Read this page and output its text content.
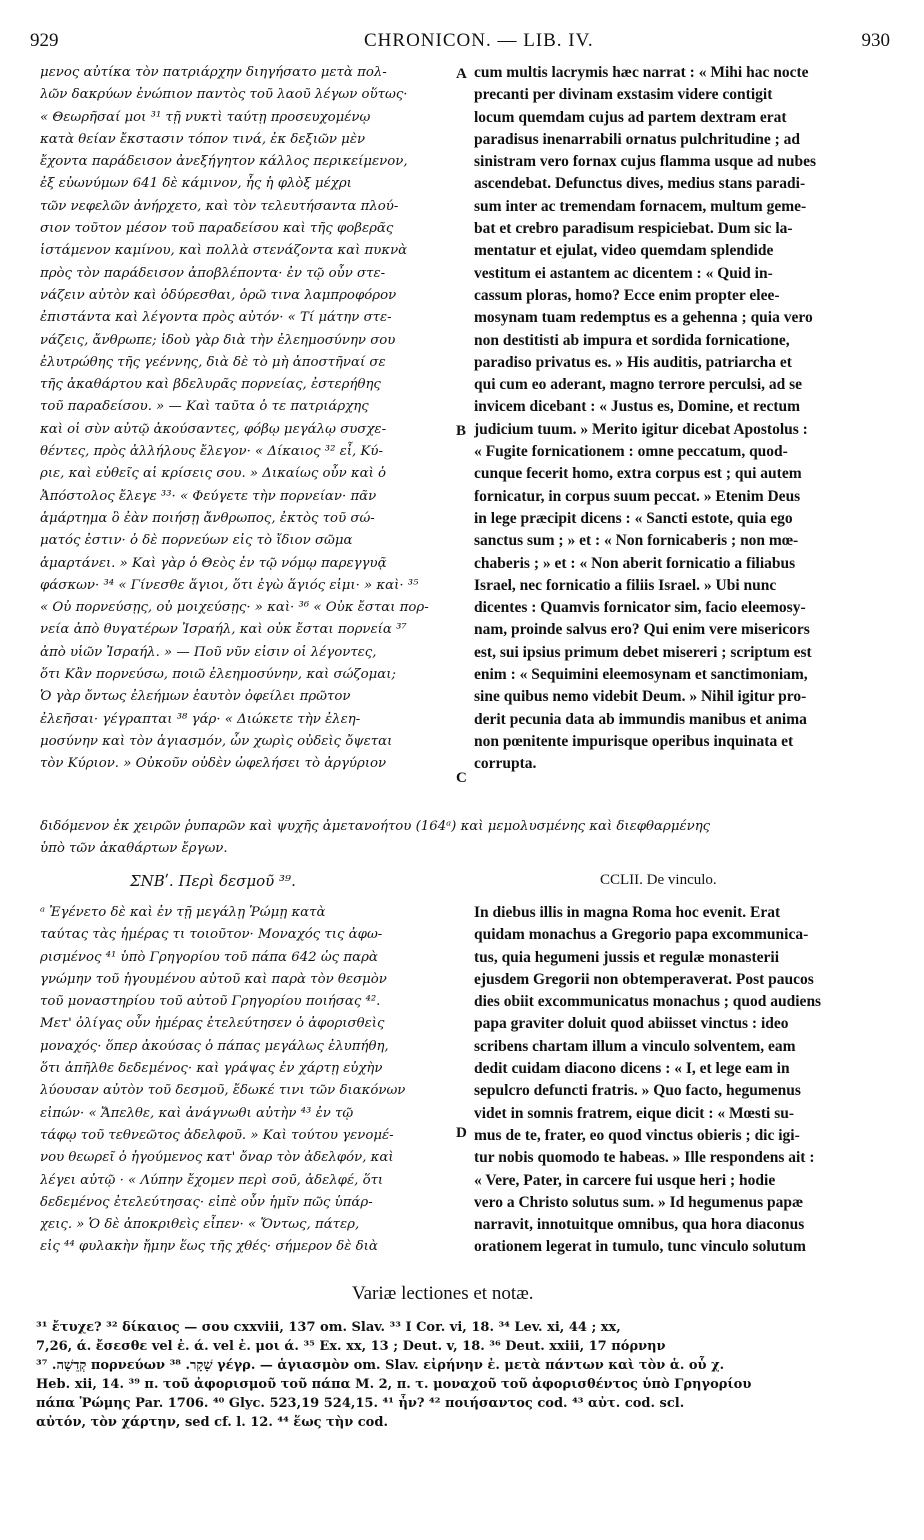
929	CHRONICON. — LIB. IV.	930
μενος αὐτίκα τὸν πατριάρχην διηγήσατο μετὰ πολ-
λῶν δακρύων ἐνώπιον παντὸς τοῦ λαοῦ λέγων οὕτως·
« Θεωρῆσαί μοι ³¹ τῇ νυκτὶ ταύτῃ προσευχομένῳ
κατὰ θείαν ἔκστασιν τόπον τινά, ἐκ δεξιῶν μὲν
ἔχοντα παράδεισον ἀνεξήγητον κάλλος περικείμενον,
ἐξ εὐωνύμων 641 δὲ κάμινον, ἧς ἡ φλὸξ μέχρι
τῶν νεφελῶν ἀνήρχετο, καὶ τὸν τελευτήσαντα πλού-
σιον τοῦτον μέσον τοῦ παραδείσου καὶ τῆς φοβερᾶς
ἱστάμενον καμίνου, καὶ πολλὰ στενάζοντα καὶ πυκνὰ
πρὸς τὸν παράδεισον ἀποβλέποντα· ἐν τῷ οὖν στε-
νάζειν αὐτὸν καὶ ὀδύρεσθαι, ὁρῶ τινα λαμπροφόρον
ἐπιστάντα καὶ λέγοντα πρὸς αὐτόν· « Τί μάτην στε-
νάζεις, ἄνθρωπε; ἰδοὺ γὰρ διὰ τὴν ἐλεημοσύνην σου
ἐλυτρώθης τῆς γεέννης, διὰ δὲ τὸ μὴ ἀποστῆναί σε
τῆς ἀκαθάρτου καὶ βδελυρᾶς πορνείας, ἐστερήθης
τοῦ παραδείσου. » — Καὶ ταῦτα ὁ τε πατριάρχης
καὶ οἱ σὺν αὐτῷ ἀκούσαντες, φόβῳ μεγάλῳ συσχε-
θέντες, πρὸς ἀλλήλους ἔλεγον· « Δίκαιος ³² εἶ, Κύ-
ριε, καὶ εὐθεῖς αἱ κρίσεις σου. » Δικαίως οὖν καὶ ὁ
Ἀπόστολος ἔλεγε ³³· « Φεύγετε τὴν πορνείαν· πᾶν
ἁμάρτημα ὃ ἐὰν ποιήσῃ ἄνθρωπος, ἐκτὸς τοῦ σώ-
ματός ἐστιν· ὁ δὲ πορνεύων εἰς τὸ ἴδιον σῶμα
ἁμαρτάνει. » Καὶ γὰρ ὁ Θεὸς ἐν τῷ νόμῳ παρεγγυᾷ
φάσκων· ³⁴ « Γίνεσθε ἅγιοι, ὅτι ἐγὼ ἅγιός εἰμι· » καὶ· ³⁵
« Οὐ πορνεύσῃς, οὐ μοιχεύσῃς· » καὶ· ³⁶ « Οὐκ ἔσται πορ-
νεία ἀπὸ θυγατέρων Ἰσραήλ, καὶ οὐκ ἔσται πορνεία ³⁷
ἀπὸ υἱῶν Ἰσραήλ. » — Ποῦ νῦν εἰσιν οἱ λέγοντες,
ὅτι Κἂν πορνεύσω, ποιῶ ἐλεημοσύνην, καὶ σώζομαι;
Ὁ γὰρ ὄντως ἐλεήμων ἑαυτὸν ὀφείλει πρῶτον
ἐλεῆσαι· γέγραπται ³⁸ γάρ· « Διώκετε τὴν ἐλεη-
μοσύνην καὶ τὸν ἁγιασμόν, ὧν χωρὶς οὐδεὶς ὄψεται
τὸν Κύριον. » Οὐκοῦν οὐδὲν ὠφελήσει τὸ ἀργύριον
cum multis lacrymis hæc narrat : « Mihi hac nocte
precanti per divinam exstasim videre contigit
locum quemdam cujus ad partem dextram erat
paradisus inenarrabili ornatus pulchritudine ; ad
sinistram vero fornax cujus flamma usque ad nubes
ascendebat. Defunctus dives, medius stans paradi-
sum inter ac tremendam fornacem, multum geme-
bat et crebro paradisum respiciebat. Dum sic la-
mentatur et ejulat, video quemdam splendide
vestitum ei astantem ac dicentem : « Quid in-
cassum ploras, homo? Ecce enim propter elee-
mosynam tuam redemptus es a gehenna ; quia vero
non destitisti ab impura et sordida fornicatione,
paradiso privatus es. » His auditis, patriarcha et
qui cum eo aderant, magno terrore perculsi, ad se
invicem dicebant : « Justus es, Domine, et rectum
judicium tuum. » Merito igitur dicebat Apostolus :
« Fugite fornicationem : omne peccatum, quod-
cunque fecerit homo, extra corpus est ; qui autem
fornicatur, in corpus suum peccat. » Etenim Deus
in lege præcipit dicens : « Sancti estote, quia ego
sanctus sum ; » et : « Non fornicaberis ; non mœ-
chaberis ; » et : « Non aberit fornicatio a filiabus
Israel, nec fornicatio a filiis Israel. » Ubi nunc
dicentes : Quamvis fornicator sim, facio eleemosy-
nam, proinde salvus ero? Qui enim vere misericors
est, sui ipsius primum debet misereri ; scriptum est
enim : « Sequimini eleemosynam et sanctimoniam,
sine quibus nemo videbit Deum. » Nihil igitur pro-
derit pecunia data ab immundis manibus et anima
non pœnitente impurisque operibus inquinata et
corrupta.
A
B
C
D
διδόμενον ἐκ χειρῶν ῥυπαρῶν καὶ ψυχῆς ἀμετανοήτου (164ᵃ) καὶ μεμολυσμένης καὶ διεφθαρμένης
ὑπὸ τῶν ἀκαθάρτων ἔργων.
ΣΝΒʹ. Περὶ δεσμοῦ ³⁹.	CCLII. De vinculo.
ᵃ Ἐγένετο δὲ καὶ ἐν τῇ μεγάλῃ Ῥώμῃ κατὰ
ταύτας τὰς ἡμέρας τι τοιοῦτον· Μοναχός τις ἀφω-
ρισμένος ⁴¹ ὑπὸ Γρηγορίου τοῦ πάπα 642 ὡς παρὰ
γνώμην τοῦ ἡγουμένου αὐτοῦ καὶ παρὰ τὸν θεσμὸν
τοῦ μοναστηρίου τοῦ αὐτοῦ Γρηγορίου ποιήσας ⁴².
Μετ' ὀλίγας οὖν ἡμέρας ἐτελεύτησεν ὁ ἀφορισθεὶς
μοναχός· ὅπερ ἀκούσας ὁ πάπας μεγάλως ἐλυπήθη,
ὅτι ἀπῆλθε δεδεμένος· καὶ γράψας ἐν χάρτῃ εὐχὴν
λύουσαν αὐτὸν τοῦ δεσμοῦ, ἔδωκέ τινι τῶν διακόνων
εἰπών· « Ἄπελθε, καὶ ἀνάγνωθι αὐτὴν ⁴³ ἐν τῷ
τάφῳ τοῦ τεθνεῶτος ἀδελφοῦ. » Καὶ τούτου γενομέ-
νου θεωρεῖ ὁ ἡγούμενος κατ' ὄναρ τὸν ἀδελφόν, καὶ
λέγει αὐτῷ · « Λύπην ἔχομεν περὶ σοῦ, ἀδελφέ, ὅτι
δεδεμένος ἐτελεύτησας· εἰπὲ οὖν ἡμῖν πῶς ὑπάρ-
χεις. » Ὁ δὲ ἀποκριθεὶς εἶπεν· « Ὄντως, πάτερ,
εἰς ⁴⁴ φυλακὴν ἤμην ἕως τῆς χθές· σήμερον δὲ διὰ
In diebus illis in magna Roma hoc evenit. Erat
quidam monachus a Gregorio papa excommunica-
tus, quia hegumeni jussis et regulæ monasterii
ejusdem Gregorii non obtemperaverat. Post paucos
dies obiit excommunicatus monachus ; quod audiens
papa graviter doluit quod abiisset vinctus : ideo
scribens chartam illum a vinculo solventem, eam
dedit cuidam diacono dicens : « I, et lege eam in
sepulcro defuncti fratris. » Quo facto, hegumenus
videt in somnis fratrem, eique dicit : « Mœsti su-
mus de te, frater, eo quod vinctus obieris ; dic igi-
tur nobis quomodo te habeas. » Ille respondens ait :
« Vere, Pater, in carcere fui usque heri ; hodie
vero a Christo solutus sum. » Id hegumenus papæ
narravit, innotuitque omnibus, qua hora diaconus
orationem legerat in tumulo, tunc vinculo solutum
Variæ lectiones et notæ.
³¹ ἔτυχε? ³² δίκαιος — σου cxxviii, 137 om. Slav. ³³ I Cor. vi, 18. ³⁴ Lev. xi, 44 ; xx,
7,26, ά. ἔσεσθε vel ἐ. ά. vel ἐ. μοι ά. ³⁵ Ex. xx, 13 ; Deut. v, 18. ³⁶ Deut. xxiii, 17 πόρνην
קְדֵשָׁה. ³⁷ πορνεύων שָׁקָר. ³⁸ γέγρ. — ἁγιασμὸν om. Slav. εἰρήνην ἐ. μετὰ πάντων καὶ τὸν ἁ. οὗ χ.
Heb. xii, 14. ³⁹ π. τοῦ ἀφορισμοῦ τοῦ πάπα M. 2, π. τ. μοναχοῦ τοῦ ἀφορισθέντος ὑπὸ Γρηγορίου
πάπα Ῥώμης Par. 1706. ⁴⁰ Glyc. 523,19 524,15. ⁴¹ ἦν? ⁴² ποιήσαντος cod. ⁴³ αὐτ. cod. scl.
αὐτόν, τὸν χάρτην, sed cf. l. 12. ⁴⁴ ἕως τὴν cod.
